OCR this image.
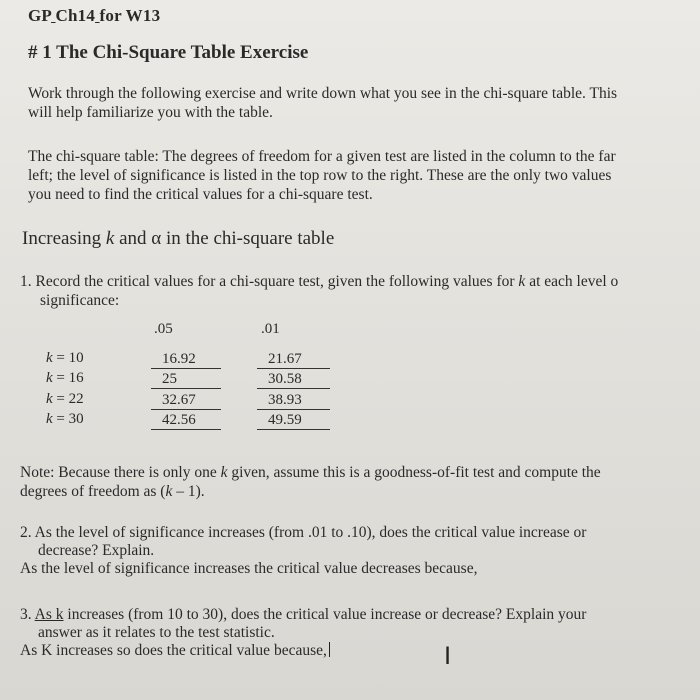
GP Ch14 for W13
# 1 The Chi-Square Table Exercise
Work through the following exercise and write down what you see in the chi-square table. This
will help familiarize you with the table.
The chi-square table: The degrees of freedom for a given test are listed in the column to the far
left; the level of significance is listed in the top row to the right. These are the only two values
you need to find the critical values for a chi-square test.
Increasing k and α in the chi-square table
1. Record the critical values for a chi-square test, given the following values for k at each level o
significance:
.05	.01
k = 10
k = 16
k = 22
k = 30
16.92
25
32.67
42.56
21.67
30.58
38.93
49.59
Note: Because there is only one k given, assume this is a goodness-of-fit test and compute the
degrees of freedom as (k – 1).
2. As the level of significance increases (from .01 to .10), does the critical value increase or
decrease? Explain.
As the level of significance increases the critical value decreases because,
3. As k increases (from 10 to 30), does the critical value increase or decrease? Explain your
answer as it relates to the test statistic.
As K increases so does the critical value because,	I
